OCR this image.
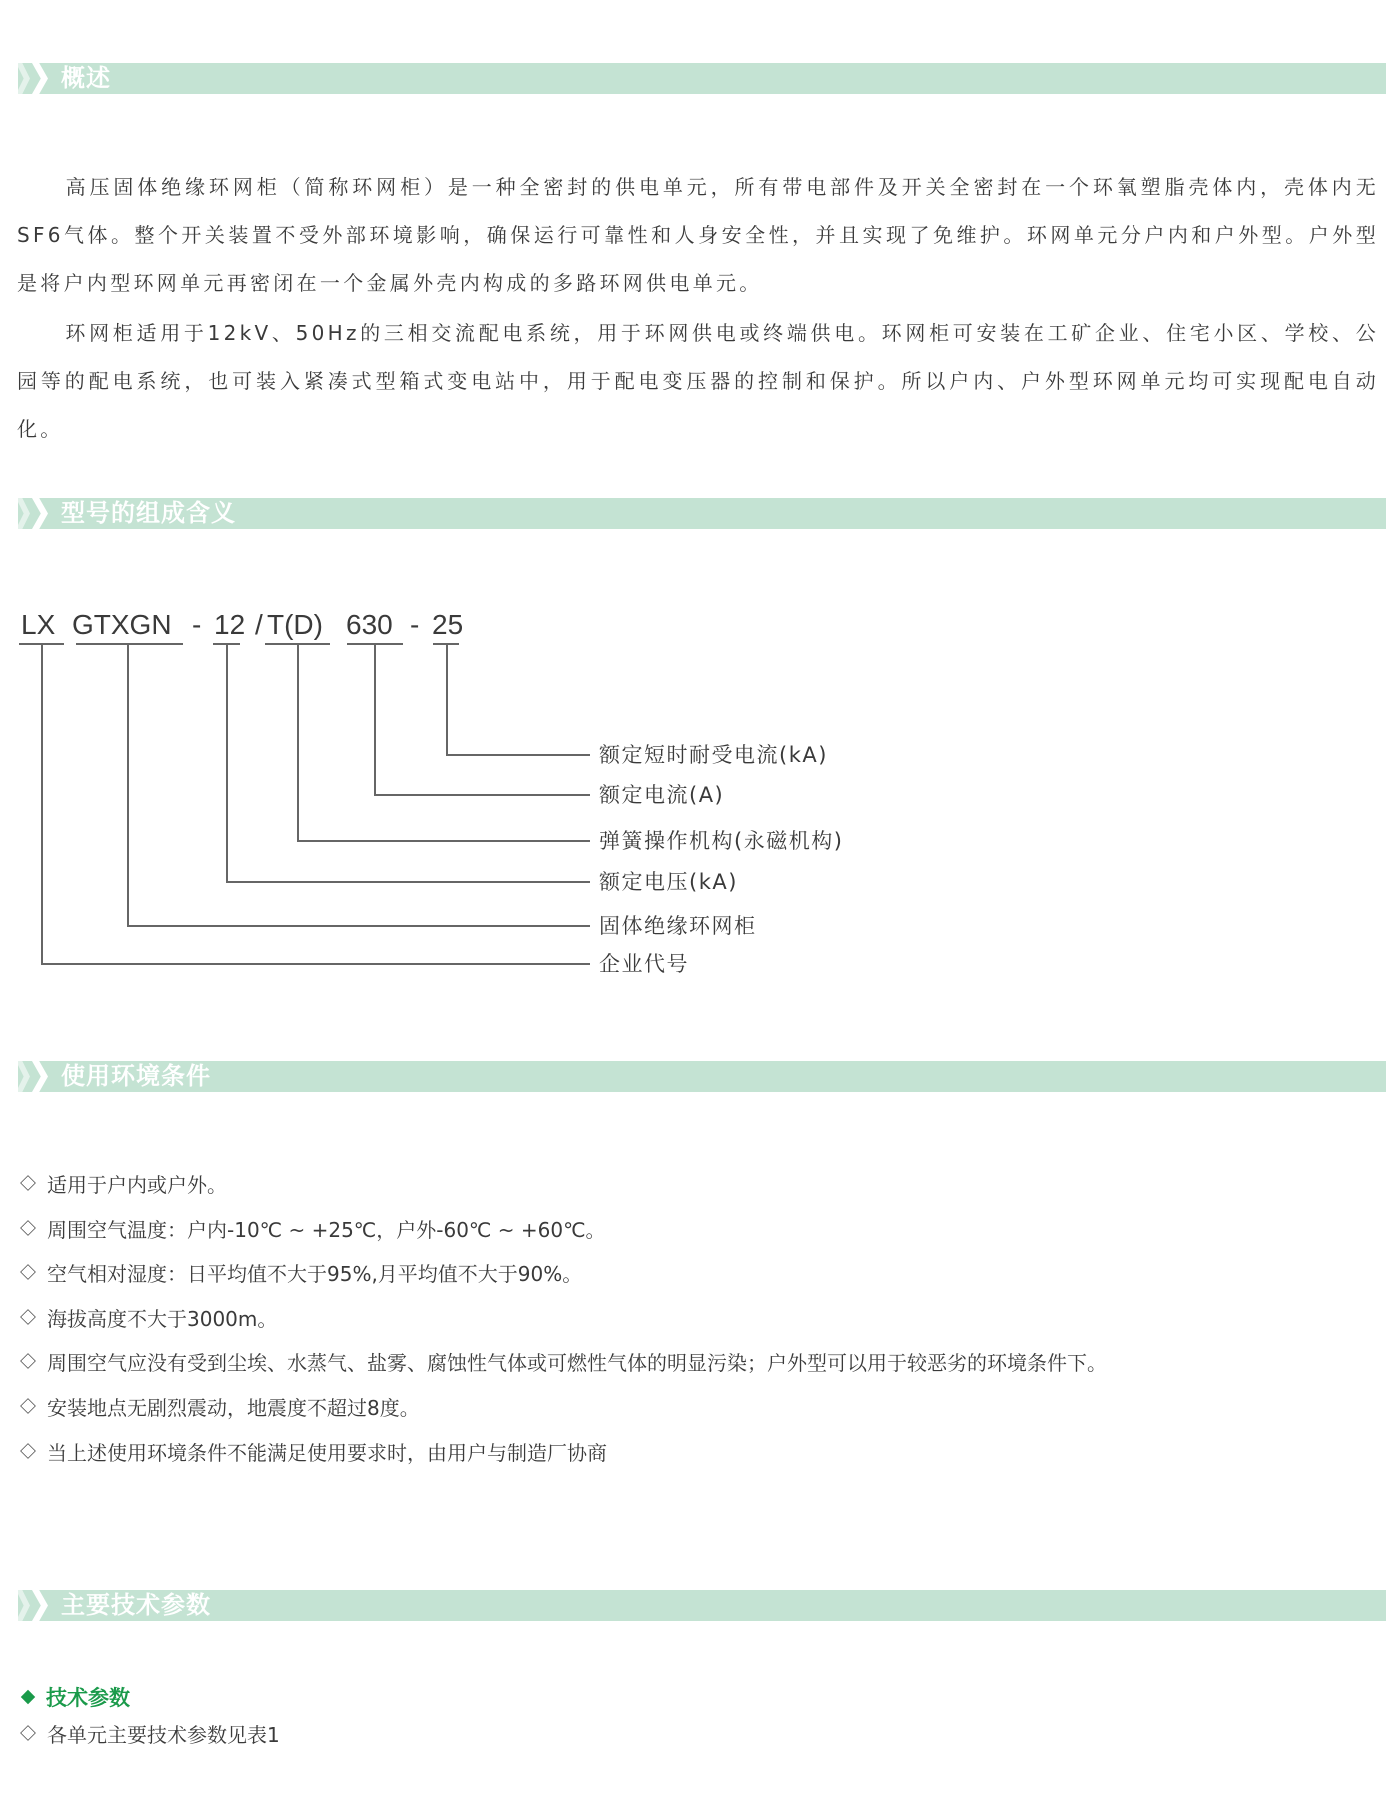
概述
高压固体绝缘环网柜（简称环网柜）是一种全密封的供电单元，所有带电部件及开关全密封在一个环氧塑脂壳体内，壳体内无SF6气体。整个开关装置不受外部环境影响，确保运行可靠性和人身安全性，并且实现了免维护。环网单元分户内和户外型。户外型是将户内型环网单元再密闭在一个金属外壳内构成的多路环网供电单元。
环网柜适用于12kV、50Hz的三相交流配电系统，用于环网供电或终端供电。环网柜可安装在工矿企业、住宅小区、学校、公园等的配电系统，也可装入紧凑式型箱式变电站中，用于配电变压器的控制和保护。所以户内、户外型环网单元均可实现配电自动化。
型号的组成含义
LX GTXGN - 12 / T(D) 630 - 25
额定短时耐受电流(kA)
额定电流(A)
弹簧操作机构(永磁机构)
额定电压(kA)
固体绝缘环网柜
企业代号
使用环境条件
适用于户内或户外。
周围空气温度：户内-10℃ ~ +25℃，户外-60℃ ~ +60℃。
空气相对湿度：日平均值不大于95%,月平均值不大于90%。
海拔高度不大于3000m。
周围空气应没有受到尘埃、水蒸气、盐雾、腐蚀性气体或可燃性气体的明显污染；户外型可以用于较恶劣的环境条件下。
安装地点无剧烈震动，地震度不超过8度。
当上述使用环境条件不能满足使用要求时，由用户与制造厂协商
主要技术参数
技术参数
各单元主要技术参数见表1
